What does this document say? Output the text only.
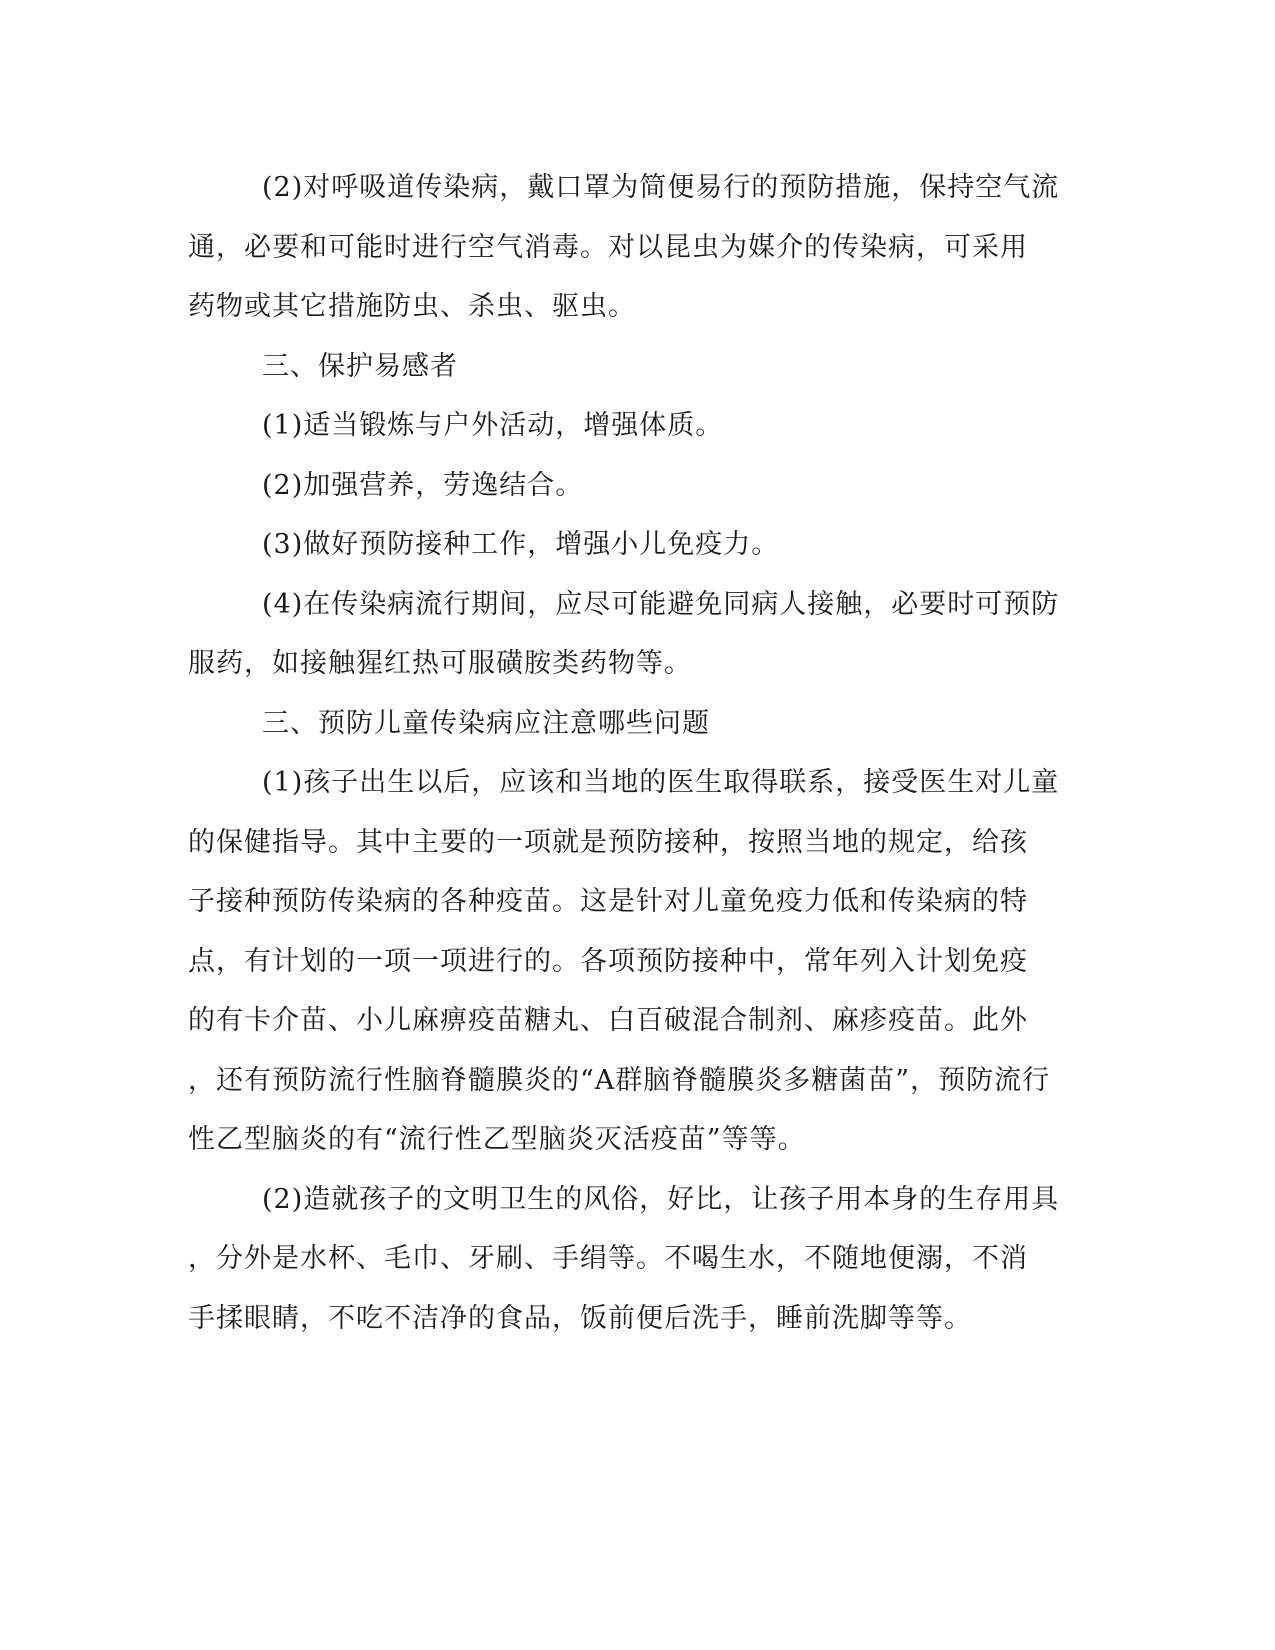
(2)对呼吸道传染病，戴口罩为简便易行的预防措施，保持空气流
通，必要和可能时进行空气消毒。对以昆虫为媒介的传染病，可采用
药物或其它措施防虫、杀虫、驱虫。
三、保护易感者
(1)适当锻炼与户外活动，增强体质。
(2)加强营养，劳逸结合。
(3)做好预防接种工作，增强小儿免疫力。
(4)在传染病流行期间，应尽可能避免同病人接触，必要时可预防
服药，如接触猩红热可服磺胺类药物等。
三、预防儿童传染病应注意哪些问题
(1)孩子出生以后，应该和当地的医生取得联系，接受医生对儿童
的保健指导。其中主要的一项就是预防接种，按照当地的规定，给孩
子接种预防传染病的各种疫苗。这是针对儿童免疫力低和传染病的特
点，有计划的一项一项进行的。各项预防接种中，常年列入计划免疫
的有卡介苗、小儿麻痹疫苗糖丸、白百破混合制剂、麻疹疫苗。此外
，还有预防流行性脑脊髓膜炎的“A群脑脊髓膜炎多糖菌苗”，预防流行
性乙型脑炎的有“流行性乙型脑炎灭活疫苗”等等。
(2)造就孩子的文明卫生的风俗，好比，让孩子用本身的生存用具
，分外是水杯、毛巾、牙刷、手绢等。不喝生水，不随地便溺，不消
手揉眼睛，不吃不洁净的食品，饭前便后洗手，睡前洗脚等等。
